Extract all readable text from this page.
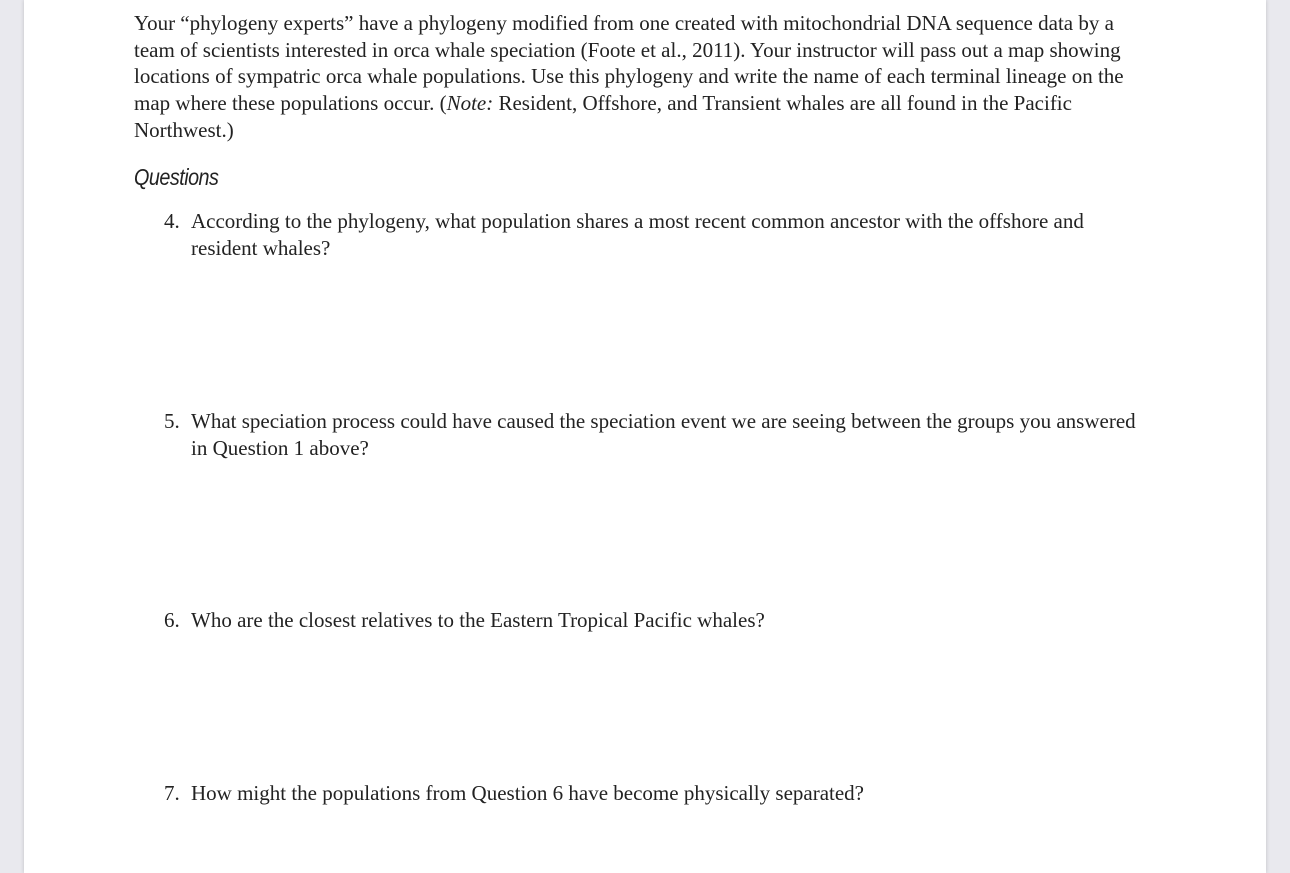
Your “phylogeny experts” have a phylogeny modified from one created with mitochondrial DNA sequence data by a team of scientists interested in orca whale speciation (Foote et al., 2011). Your instructor will pass out a map showing locations of sympatric orca whale populations. Use this phylogeny and write the name of each terminal lineage on the map where these populations occur. (Note: Resident, Offshore, and Transient whales are all found in the Pacific Northwest.)

Questions
4. According to the phylogeny, what population shares a most recent common ancestor with the offshore and resident whales?
5. What speciation process could have caused the speciation event we are seeing between the groups you answered in Question 1 above?
6. Who are the closest relatives to the Eastern Tropical Pacific whales?
7. How might the populations from Question 6 have become physically separated?
